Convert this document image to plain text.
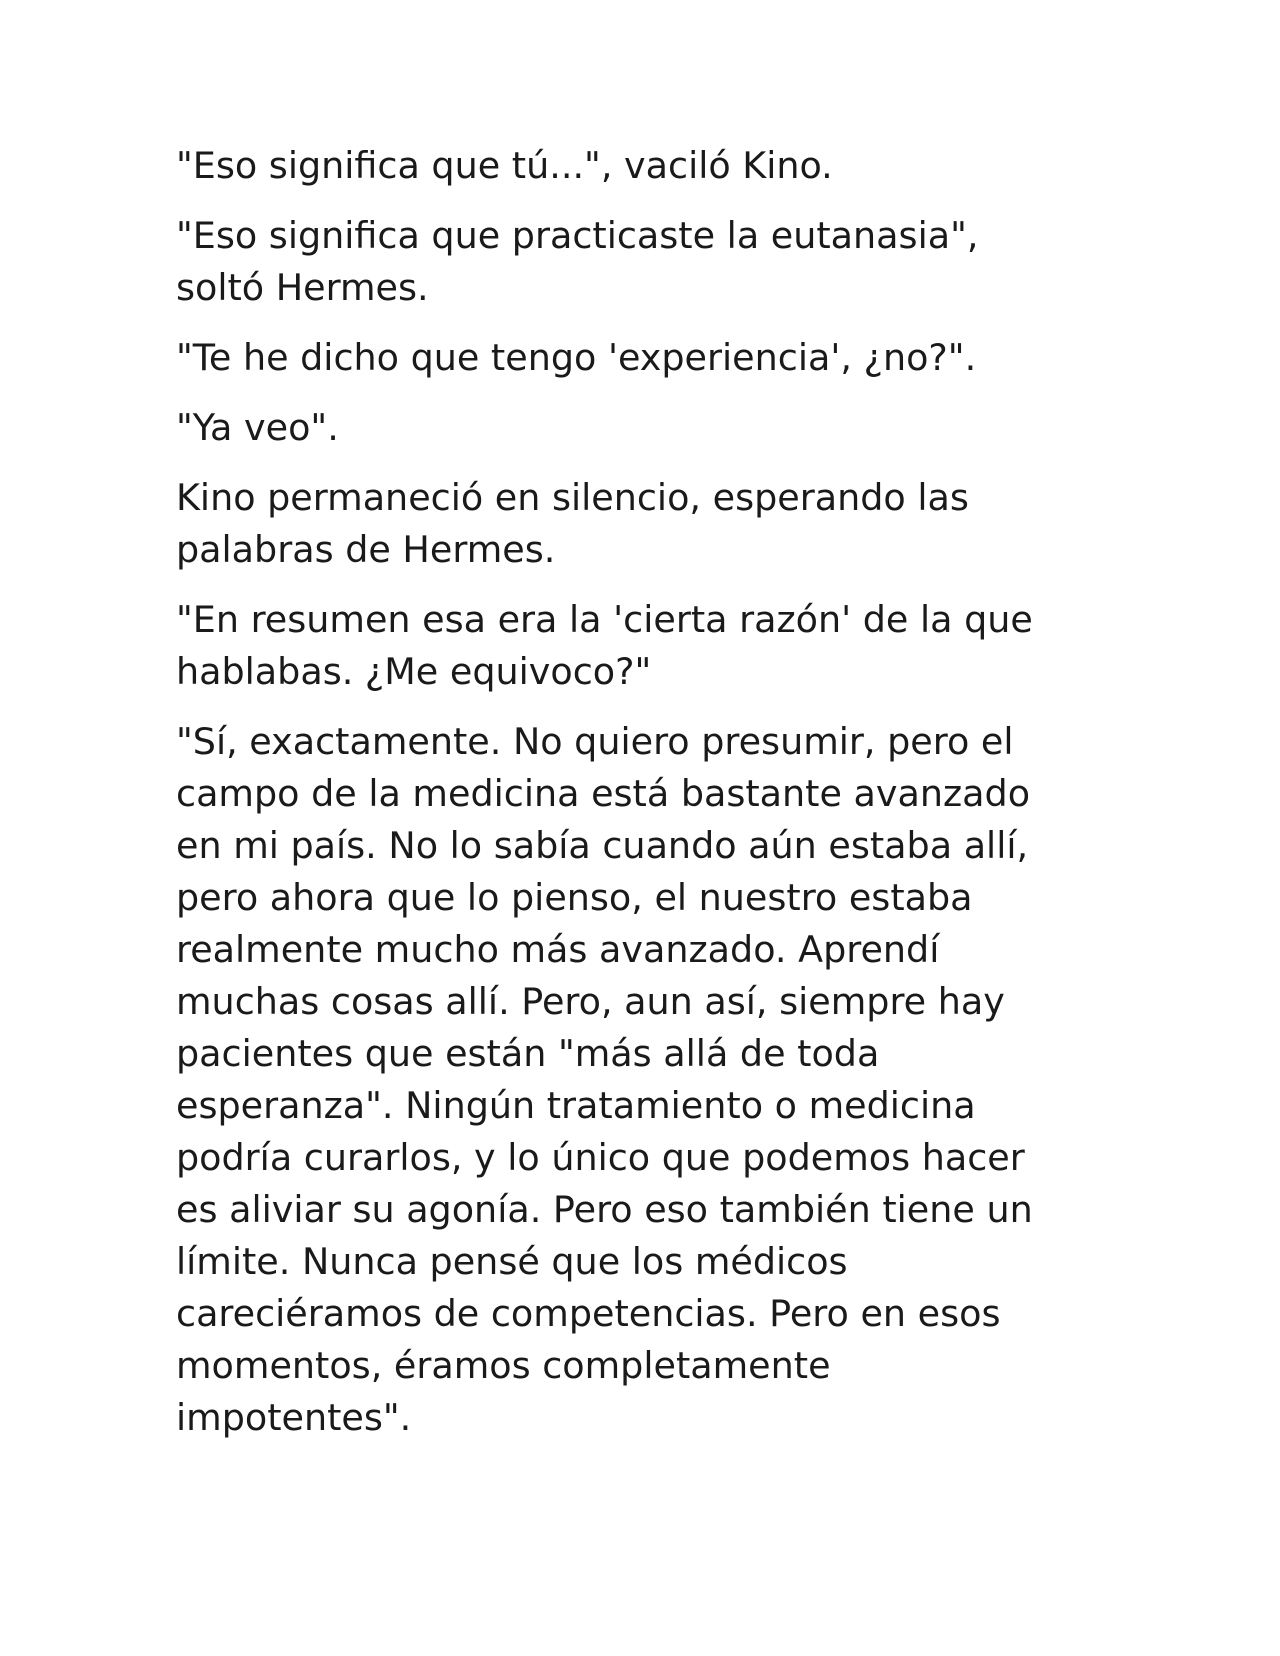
"Eso significa que tú...", vaciló Kino.

"Eso significa que practicaste la eutanasia", soltó Hermes.

"Te he dicho que tengo 'experiencia', ¿no?".

"Ya veo".

Kino permaneció en silencio, esperando las palabras de Hermes.

"En resumen esa era la 'cierta razón' de la que hablabas. ¿Me equivoco?"

"Sí, exactamente. No quiero presumir, pero el campo de la medicina está bastante avanzado en mi país. No lo sabía cuando aún estaba allí, pero ahora que lo pienso, el nuestro estaba realmente mucho más avanzado. Aprendí muchas cosas allí. Pero, aun así, siempre hay pacientes que están "más allá de toda esperanza". Ningún tratamiento o medicina podría curarlos, y lo único que podemos hacer es aliviar su agonía. Pero eso también tiene un límite. Nunca pensé que los médicos careciéramos de competencias. Pero en esos momentos, éramos completamente impotentes".
